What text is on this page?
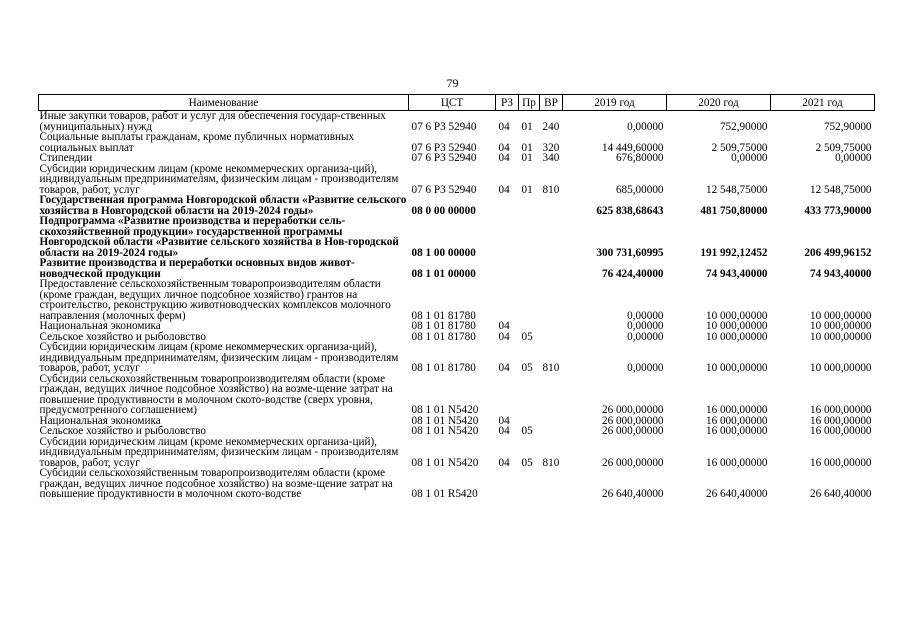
79
Наименование	ЦСТ	РЗ	Пр	ВР	2019 год	2020 год	2021 год
Иные закупки товаров, работ и услуг для обеспечения государ-ственных (муниципальных) нужд	07 6 Р3 52940	04	01	240	0,00000	752,90000	752,90000
Социальные выплаты гражданам, кроме публичных нормативных социальных выплат	07 6 Р3 52940	04	01	320	14 449,60000	2 509,75000	2 509,75000
Стипендии	07 6 Р3 52940	04	01	340	676,80000	0,00000	0,00000
Субсидии юридическим лицам (кроме некоммерческих организа-ций), индивидуальным предпринимателям, физическим лицам - производителям товаров, работ, услуг	07 6 Р3 52940	04	01	810	685,00000	12 548,75000	12 548,75000
Государственная программа Новгородской области «Развитие сельского хозяйства в Новгородской области на 2019-2024 годы»	08 0 00 00000				625 838,68643	481 750,80000	433 773,90000
Подпрограмма «Развитие производства и переработки сель-скохозяйственной продукции» государственной программы Новгородской области «Развитие сельского хозяйства в Нов-городской области на 2019-2024 годы»	08 1 00 00000				300 731,60995	191 992,12452	206 499,96152
Развитие производства и переработки основных видов живот-новодческой продукции	08 1 01 00000				76 424,40000	74 943,40000	74 943,40000
Предоставление сельскохозяйственным товаропроизводителям области (кроме граждан, ведущих личное подсобное хозяйство) грантов на строительство, реконструкцию животноводческих комплексов молочного направления (молочных ферм)	08 1 01 81780				0,00000	10 000,00000	10 000,00000
Национальная экономика	08 1 01 81780	04			0,00000	10 000,00000	10 000,00000
Сельское хозяйство и рыболовство	08 1 01 81780	04	05		0,00000	10 000,00000	10 000,00000
Субсидии юридическим лицам (кроме некоммерческих организа-ций), индивидуальным предпринимателям, физическим лицам - производителям товаров, работ, услуг	08 1 01 81780	04	05	810	0,00000	10 000,00000	10 000,00000
Субсидии сельскохозяйственным товаропроизводителям области (кроме граждан, ведущих личное подсобное хозяйство) на возме-щение затрат на повышение продуктивности в молочном ското-водстве (сверх уровня, предусмотренного соглашением)	08 1 01 N5420				26 000,00000	16 000,00000	16 000,00000
Национальная экономика	08 1 01 N5420	04			26 000,00000	16 000,00000	16 000,00000
Сельское хозяйство и рыболовство	08 1 01 N5420	04	05		26 000,00000	16 000,00000	16 000,00000
Субсидии юридическим лицам (кроме некоммерческих организа-ций), индивидуальным предпринимателям, физическим лицам - производителям товаров, работ, услуг	08 1 01 N5420	04	05	810	26 000,00000	16 000,00000	16 000,00000
Субсидии сельскохозяйственным товаропроизводителям области (кроме граждан, ведущих личное подсобное хозяйство) на возме-щение затрат на повышение продуктивности в молочном ското-водстве	08 1 01 R5420				26 640,40000	26 640,40000	26 640,40000
